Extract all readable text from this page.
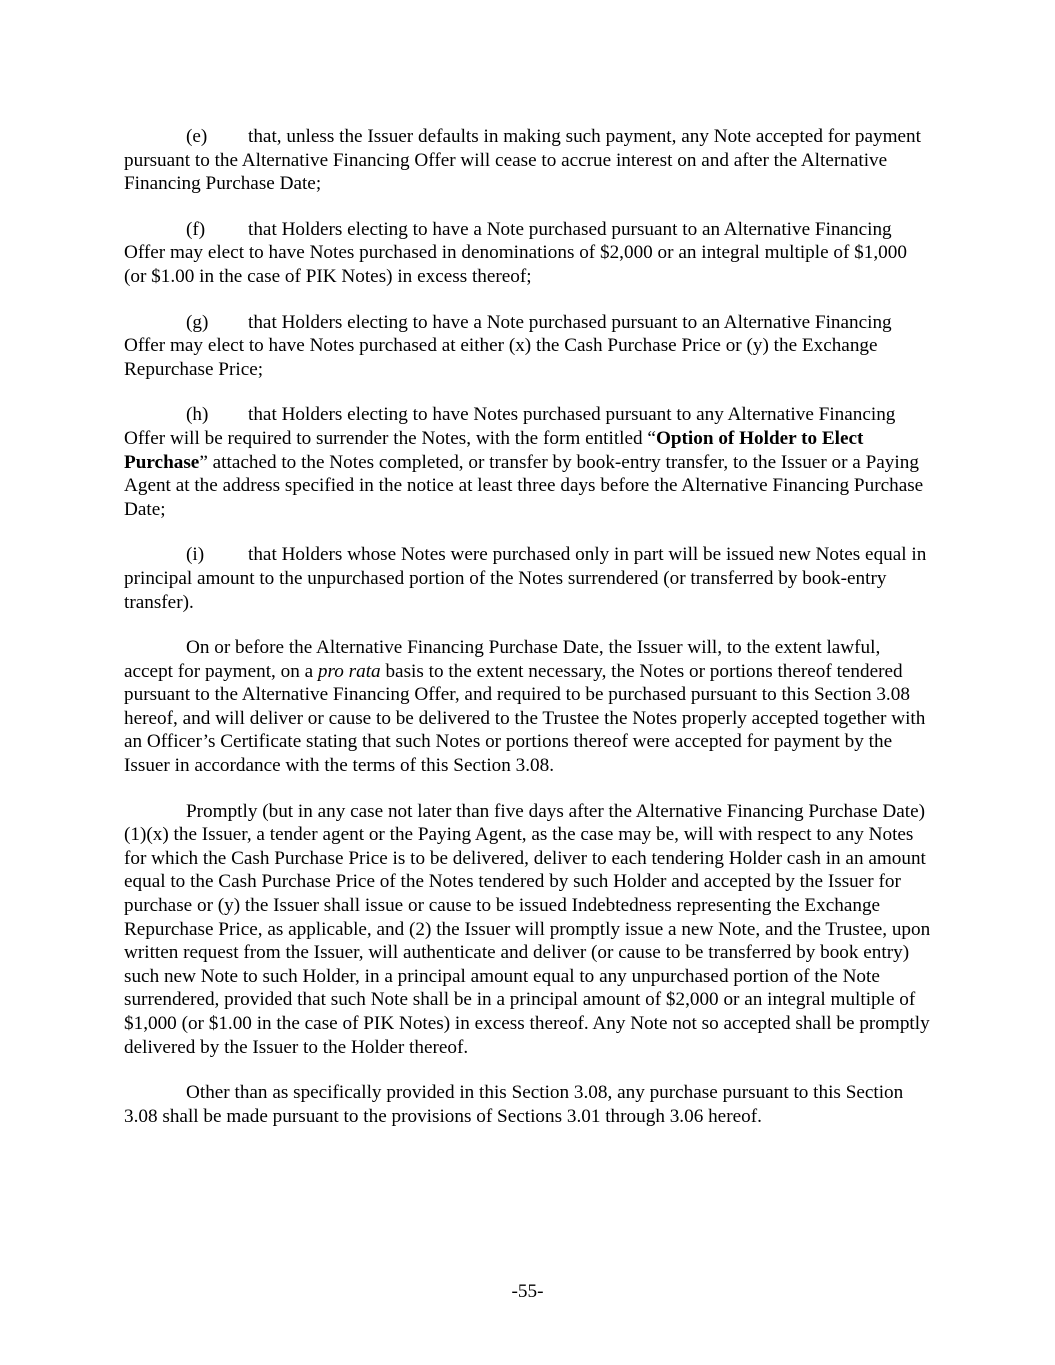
(e) that, unless the Issuer defaults in making such payment, any Note accepted for payment pursuant to the Alternative Financing Offer will cease to accrue interest on and after the Alternative Financing Purchase Date;

(f) that Holders electing to have a Note purchased pursuant to an Alternative Financing Offer may elect to have Notes purchased in denominations of $2,000 or an integral multiple of $1,000 (or $1.00 in the case of PIK Notes) in excess thereof;

(g) that Holders electing to have a Note purchased pursuant to an Alternative Financing Offer may elect to have Notes purchased at either (x) the Cash Purchase Price or (y) the Exchange Repurchase Price;

(h) that Holders electing to have Notes purchased pursuant to any Alternative Financing Offer will be required to surrender the Notes, with the form entitled “Option of Holder to Elect Purchase” attached to the Notes completed, or transfer by book-entry transfer, to the Issuer or a Paying Agent at the address specified in the notice at least three days before the Alternative Financing Purchase Date;

(i) that Holders whose Notes were purchased only in part will be issued new Notes equal in principal amount to the unpurchased portion of the Notes surrendered (or transferred by book-entry transfer).

On or before the Alternative Financing Purchase Date, the Issuer will, to the extent lawful, accept for payment, on a pro rata basis to the extent necessary, the Notes or portions thereof tendered pursuant to the Alternative Financing Offer, and required to be purchased pursuant to this Section 3.08 hereof, and will deliver or cause to be delivered to the Trustee the Notes properly accepted together with an Officer’s Certificate stating that such Notes or portions thereof were accepted for payment by the Issuer in accordance with the terms of this Section 3.08.

Promptly (but in any case not later than five days after the Alternative Financing Purchase Date) (1)(x) the Issuer, a tender agent or the Paying Agent, as the case may be, will with respect to any Notes for which the Cash Purchase Price is to be delivered, deliver to each tendering Holder cash in an amount equal to the Cash Purchase Price of the Notes tendered by such Holder and accepted by the Issuer for purchase or (y) the Issuer shall issue or cause to be issued Indebtedness representing the Exchange Repurchase Price, as applicable, and (2) the Issuer will promptly issue a new Note, and the Trustee, upon written request from the Issuer, will authenticate and deliver (or cause to be transferred by book entry) such new Note to such Holder, in a principal amount equal to any unpurchased portion of the Note surrendered, provided that such Note shall be in a principal amount of $2,000 or an integral multiple of $1,000 (or $1.00 in the case of PIK Notes) in excess thereof. Any Note not so accepted shall be promptly delivered by the Issuer to the Holder thereof.

Other than as specifically provided in this Section 3.08, any purchase pursuant to this Section 3.08 shall be made pursuant to the provisions of Sections 3.01 through 3.06 hereof.

-55-
